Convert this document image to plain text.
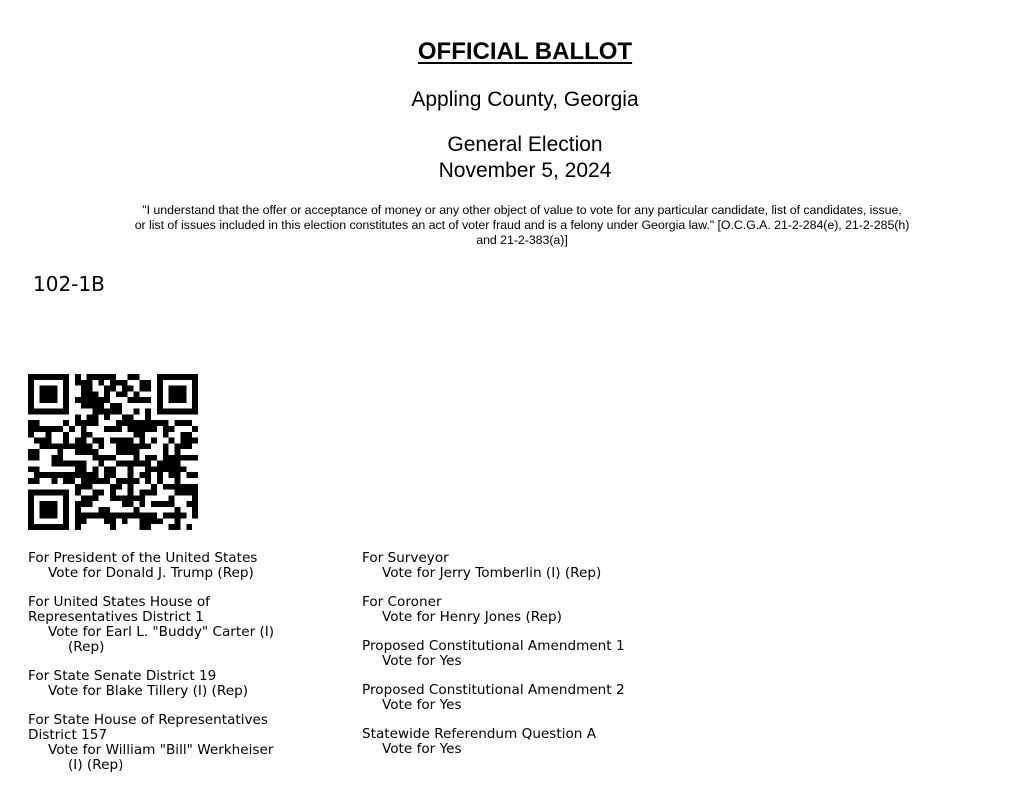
OFFICIAL BALLOT
Appling County, Georgia
General Election
November 5, 2024
"I understand that the offer or acceptance of money or any other object of value to vote for any particular candidate, list of candidates, issue,
or list of issues included in this election constitutes an act of voter fraud and is a felony under Georgia law." [O.C.G.A. 21-2-284(e), 21-2-285(h)
and 21-2-383(a)]
102-1B
For President of the United States
Vote for Donald J. Trump (Rep)
For United States House of
Representatives District 1
Vote for Earl L. "Buddy" Carter (I)
(Rep)
For State Senate District 19
Vote for Blake Tillery (I) (Rep)
For State House of Representatives
District 157
Vote for William "Bill" Werkheiser
(I) (Rep)
For Surveyor
Vote for Jerry Tomberlin (I) (Rep)
For Coroner
Vote for Henry Jones (Rep)
Proposed Constitutional Amendment 1
Vote for Yes
Proposed Constitutional Amendment 2
Vote for Yes
Statewide Referendum Question A
Vote for Yes
